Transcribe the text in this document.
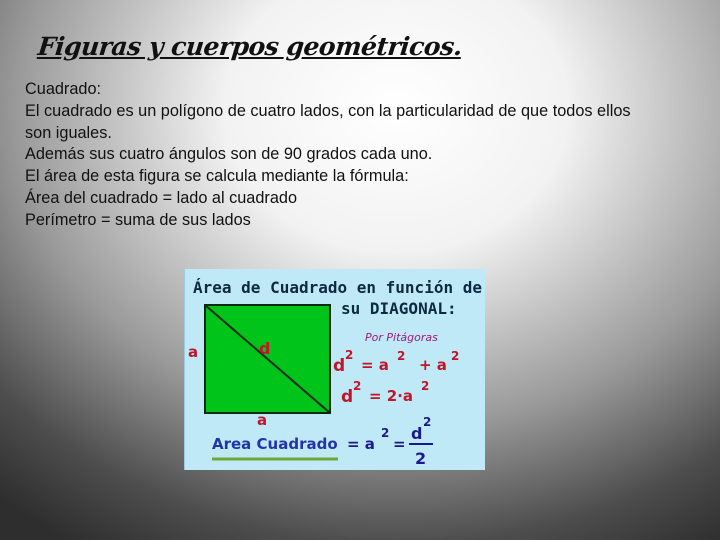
Figuras y cuerpos geométricos.
Cuadrado:
El cuadrado es un polígono de cuatro lados, con la particularidad de que todos ellos
son iguales.
Además sus cuatro ángulos son de 90 grados cada uno.
El área de esta figura se calcula mediante la fórmula:
Área del cuadrado = lado al cuadrado
Perímetro = suma de sus lados
Área de Cuadrado en función de
su DIAGONAL:
a
a
d
Por Pitágoras
d
2
= a 2 + a 2
d
2
= 2·a
2
Area Cuadrado = a
2
=
d
2
2
